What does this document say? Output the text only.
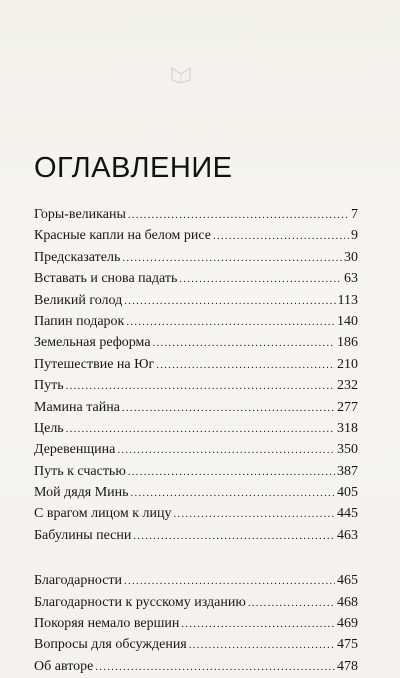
ОГЛАВЛЕНИЕ
Горы-великаны .....	7
Красные капли на белом рисе .....	9
Предсказатель .....	30
Вставать и снова падать .....	63
Великий голод .....	113
Папин подарок .....	140
Земельная реформа .....	186
Путешествие на Юг .....	210
Путь .....	232
Мамина тайна .....	277
Цель .....	318
Деревенщина .....	350
Путь к счастью .....	387
Мой дядя Минь .....	405
С врагом лицом к лицу .....	445
Бабулины песни .....	463
Благодарности .....	465
Благодарности к русскому изданию .....	468
Покоряя немало вершин .....	469
Вопросы для обсуждения .....	475
Об авторе .....	478
